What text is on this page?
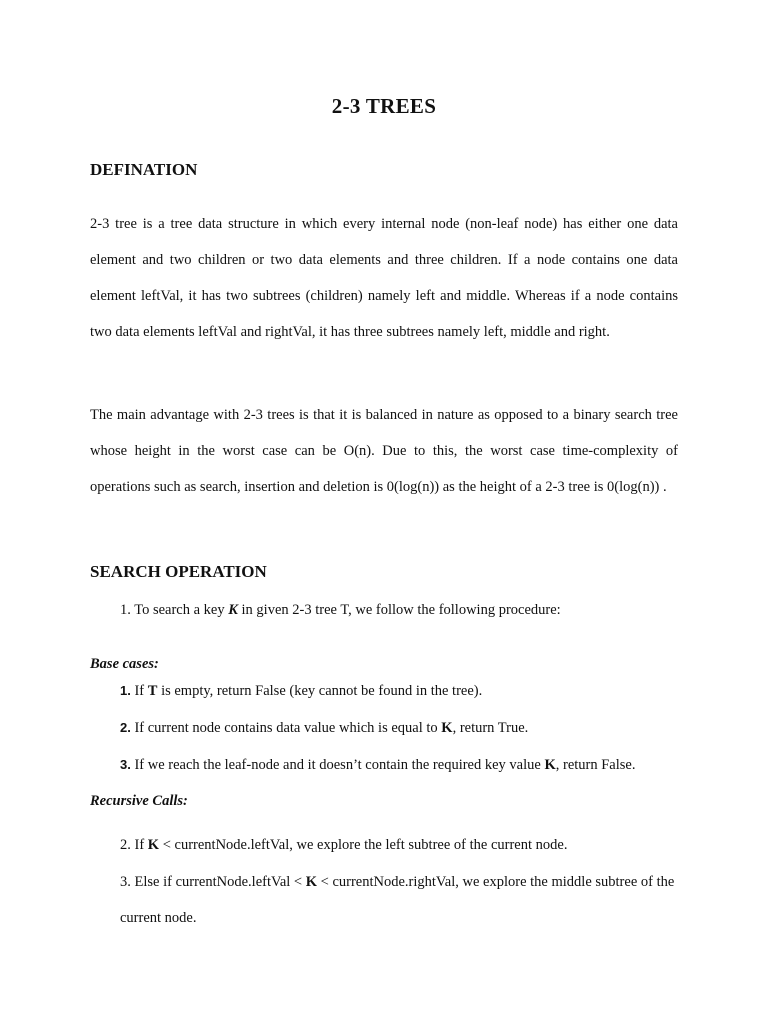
2-3 TREES
DEFINATION
2-3 tree is a tree data structure in which every internal node (non-leaf node) has either one data element and two children or two data elements and three children. If a node contains one data element leftVal, it has two subtrees (children) namely left and middle. Whereas if a node contains two data elements leftVal and rightVal, it has three subtrees namely left, middle and right.
The main advantage with 2-3 trees is that it is balanced in nature as opposed to a binary search tree whose height in the worst case can be O(n). Due to this, the worst case time-complexity of operations such as search, insertion and deletion is 0(log(n)) as the height of a 2-3 tree is 0(log(n)) .
SEARCH OPERATION
1. To search a key K in given 2-3 tree T, we follow the following procedure:
Base cases:
1. If T is empty, return False (key cannot be found in the tree).
2. If current node contains data value which is equal to K, return True.
3. If we reach the leaf-node and it doesn’t contain the required key value K, return False.
Recursive Calls:
2. If K < currentNode.leftVal, we explore the left subtree of the current node.
3. Else if currentNode.leftVal < K < currentNode.rightVal, we explore the middle subtree of the current node.
